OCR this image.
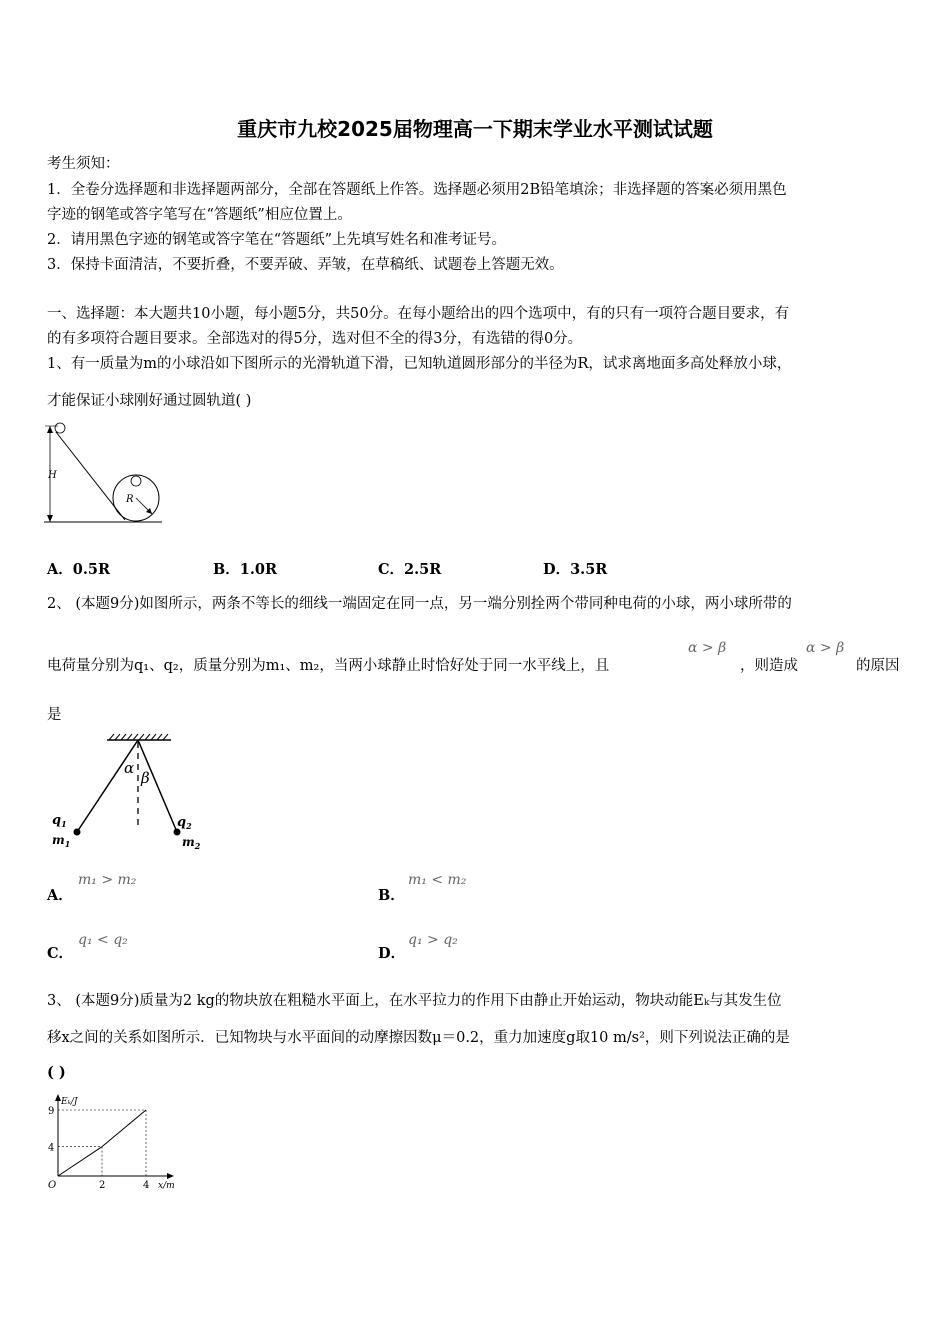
重庆市九校2025届物理高一下期末学业水平测试试题
考生须知：
1．全卷分选择题和非选择题两部分，全部在答题纸上作答。选择题必须用2B铅笔填涂；非选择题的答案必须用黑色
字迹的钢笔或答字笔写在“答题纸”相应位置上。
2．请用黑色字迹的钢笔或答字笔在“答题纸”上先填写姓名和准考证号。
3．保持卡面清洁，不要折叠，不要弄破、弄皱，在草稿纸、试题卷上答题无效。
一、选择题：本大题共10小题，每小题5分，共50分。在每小题给出的四个选项中，有的只有一项符合题目要求，有
的有多项符合题目要求。全部选对的得5分，选对但不全的得3分，有选错的得0分。
1、有一质量为m的小球沿如下图所示的光滑轨道下滑，已知轨道圆形部分的半径为R，试求离地面多高处释放小球，
才能保证小球刚好通过圆轨道( )
H
R
A．0.5R	B．1.0R	C．2.5R	D．3.5R
2、 (本题9分)如图所示，两条不等长的细线一端固定在同一点，另一端分别拴两个带同种电荷的小球，两小球所带的
电荷量分别为q₁、q₂，质量分别为m₁、m₂，当两小球静止时恰好处于同一水平线上，且
α > β
，则造成
α > β
的原因
是
α
β
$q_1$
$m_1$
$q_2$
$m_2$
A．
m₁ > m₂
B．
m₁ < m₂
C．
q₁ < q₂
D．
q₁ > q₂
3、 (本题9分)质量为2 kg的物块放在粗糙水平面上，在水平拉力的作用下由静止开始运动，物块动能Eₖ与其发生位
移x之间的关系如图所示．已知物块与水平面间的动摩擦因数μ＝0.2，重力加速度g取10 m/s²，则下列说法正确的是
( )
4
9
2	4
O
Eₖ/J
x/m
